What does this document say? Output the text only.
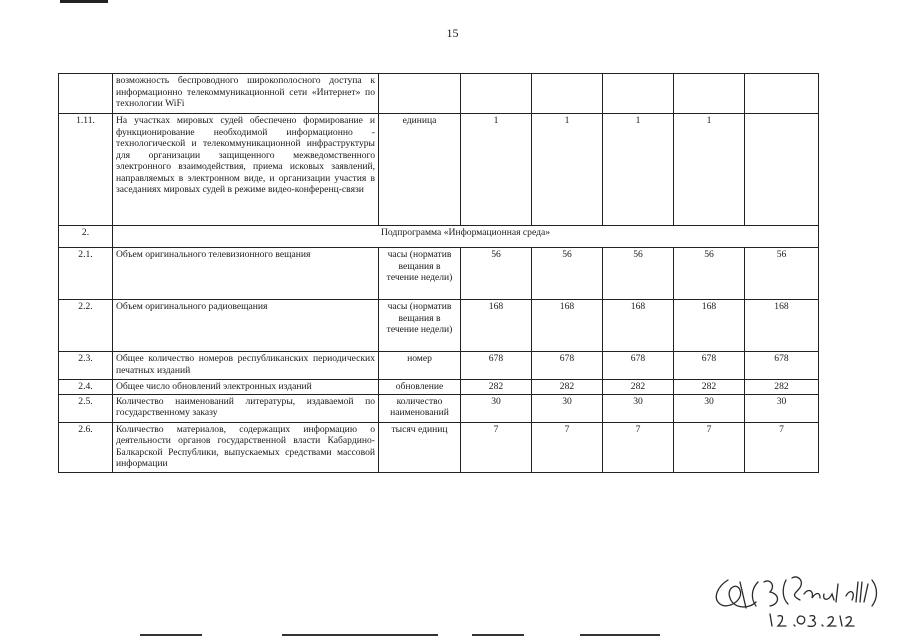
15
	возможность беспроводного широкополосного доступа к информационно телекоммуникационной сети «Интернет» по технологии WiFi						
1.11.	На участках мировых судей обеспечено формирование и функционирование необходимой информационно - технологической и телекоммуникационной инфраструктуры для организации защищенного межведомственного электронного взаимодействия, приема исковых заявлений, направляемых в электронном виде, и организации участия в заседаниях мировых судей в режиме видео-конференц-связи	единица	1	1	1	1	
2.	Подпрограмма «Информационная среда»						
2.1.	Объем оригинального телевизионного вещания	часы (норматив вещания в течение недели)	56	56	56	56	56
2.2.	Объем оригинального радиовещания	часы (норматив вещания в течение недели)	168	168	168	168	168
2.3.	Общее количество номеров республиканских периодических печатных изданий	номер	678	678	678	678	678
2.4.	Общее число обновлений электронных изданий	обновление	282	282	282	282	282
2.5.	Количество наименований литературы, издаваемой по государственному заказу	количество наименований	30	30	30	30	30
2.6.	Количество материалов, содержащих информацию о деятельности органов государственной власти Кабардино-Балкарской Республики, выпускаемых средствами массовой информации	тысяч единиц	7	7	7	7	7
